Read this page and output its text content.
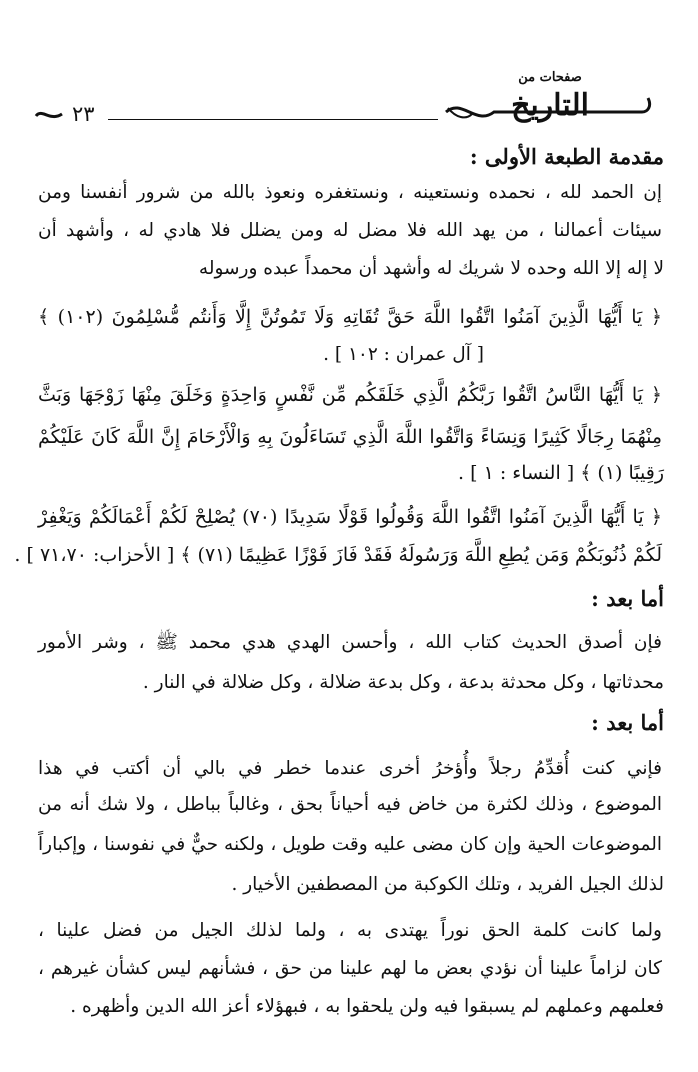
صفحات من
التاريخ
٢٣
مقدمة الطبعة الأولى :
إن الحمد لله ، نحمده ونستعينه ، ونستغفره ونعوذ بالله من شرور أنفسنا ومن
سيئات أعمالنا ، من يهد الله فلا مضل له ومن يضلل فلا هادي له ، وأشهد أن
لا إله إلا الله وحده لا شريك له وأشهد أن محمداً عبده ورسوله
﴿ يَا أَيُّهَا الَّذِينَ آمَنُوا اتَّقُوا اللَّهَ حَقَّ تُقَاتِهِ وَلَا تَمُوتُنَّ إِلَّا وَأَنتُم مُّسْلِمُونَ (١٠٢) ﴾
[ آل عمران : ١٠٢ ] .
﴿ يَا أَيُّهَا النَّاسُ اتَّقُوا رَبَّكُمُ الَّذِي خَلَقَكُم مِّن نَّفْسٍ وَاحِدَةٍ وَخَلَقَ مِنْهَا زَوْجَهَا وَبَثَّ
مِنْهُمَا رِجَالًا كَثِيرًا وَنِسَاءً وَاتَّقُوا اللَّهَ الَّذِي تَسَاءَلُونَ بِهِ وَالْأَرْحَامَ إِنَّ اللَّهَ كَانَ عَلَيْكُمْ
رَقِيبًا (١) ﴾ [ النساء : ١ ] .
﴿ يَا أَيُّهَا الَّذِينَ آمَنُوا اتَّقُوا اللَّهَ وَقُولُوا قَوْلًا سَدِيدًا (٧٠) يُصْلِحْ لَكُمْ أَعْمَالَكُمْ وَيَغْفِرْ
لَكُمْ ذُنُوبَكُمْ وَمَن يُطِعِ اللَّهَ وَرَسُولَهُ فَقَدْ فَازَ فَوْزًا عَظِيمًا (٧١) ﴾ [ الأحزاب: ٧١،٧٠ ] .
أما بعد :
فإن أصدق الحديث كتاب الله ، وأحسن الهدي هدي محمد ﷺ ، وشر الأمور
محدثاتها ، وكل محدثة بدعة ، وكل بدعة ضلالة ، وكل ضلالة في النار .
أما بعد :
فإني كنت أُقدِّمُ رجلاً وأُؤخرُ أخرى عندما خطر في بالي أن أكتب في هذا
الموضوع ، وذلك لكثرة من خاض فيه أحياناً بحق ، وغالباً بباطل ، ولا شك أنه من
الموضوعات الحية وإن كان مضى عليه وقت طويل ، ولكنه حيٌّ في نفوسنا ، وإكباراً
لذلك الجيل الفريد ، وتلك الكوكبة من المصطفين الأخيار .
ولما كانت كلمة الحق نوراً يهتدى به ، ولما لذلك الجيل من فضل علينا ،
كان لزاماً علينا أن نؤدي بعض ما لهم علينا من حق ، فشأنهم ليس كشأن غيرهم ،
فعلمهم وعملهم لم يسبقوا فيه ولن يلحقوا به ، فبهؤلاء أعز الله الدين وأظهره .
